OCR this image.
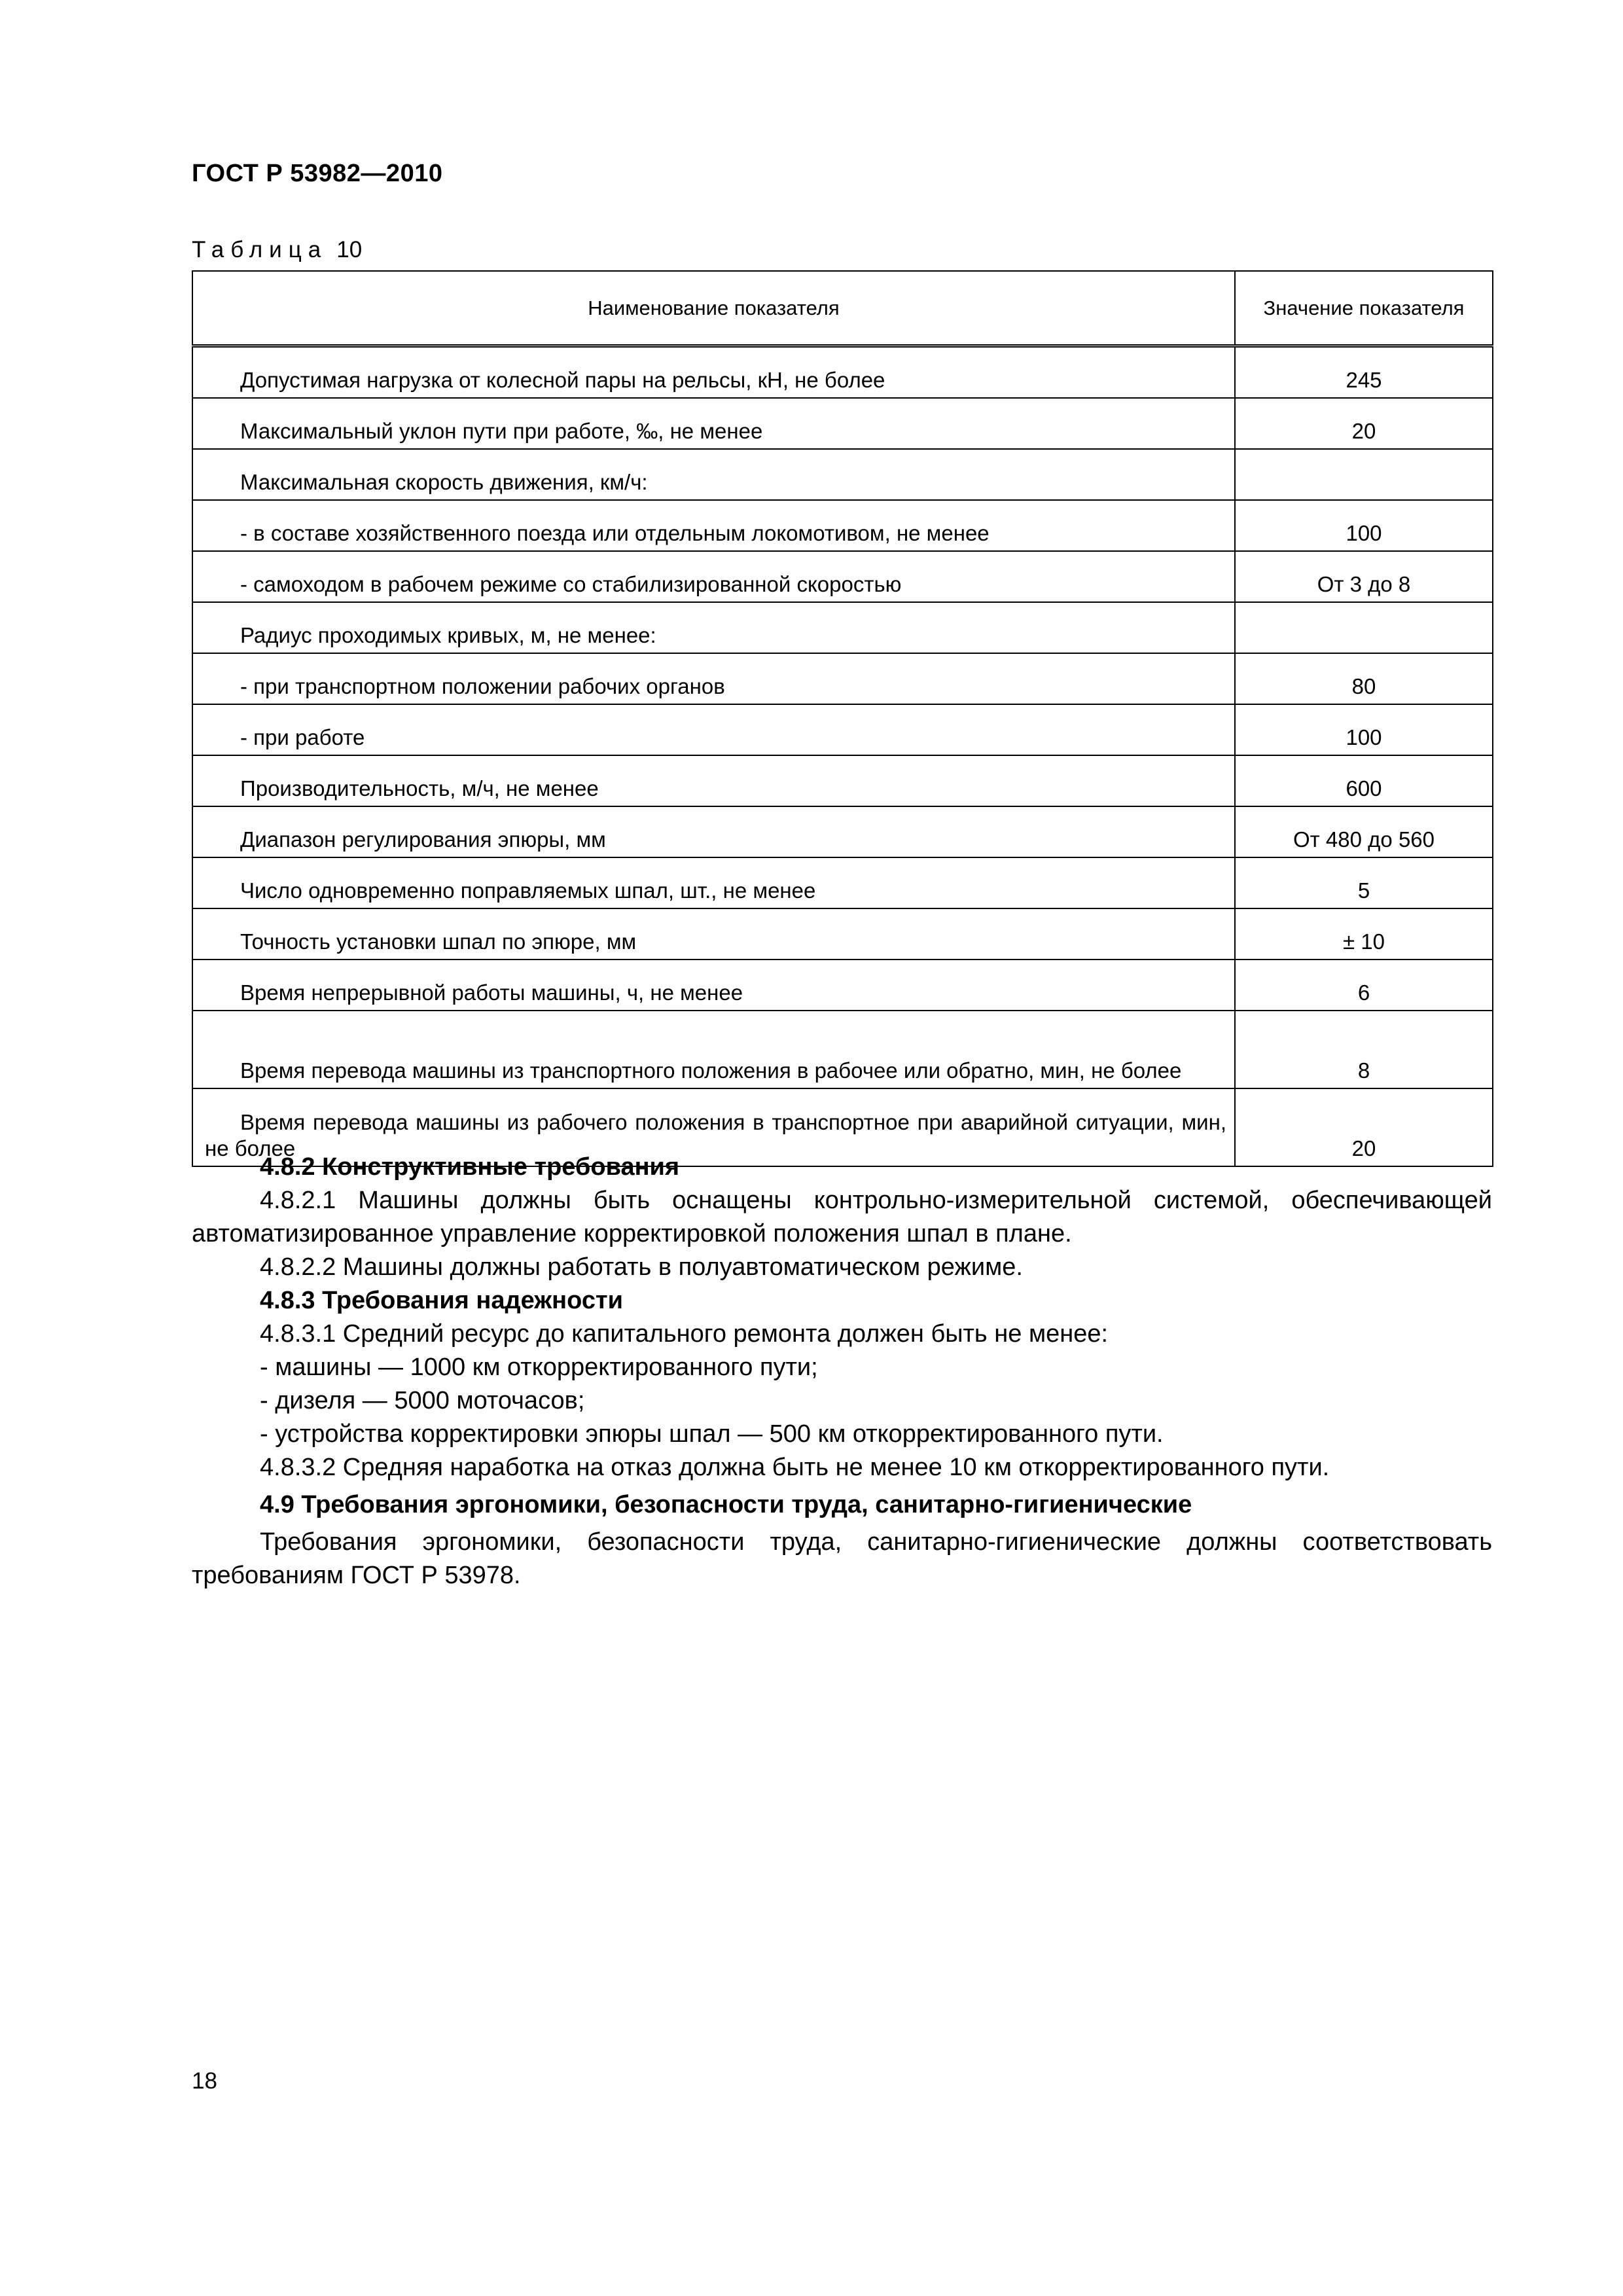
ГОСТ Р 53982—2010
Таблица 10
Наименование показателя	Значение показателя
Допустимая нагрузка от колесной пары на рельсы, кН, не более	245
Максимальный уклон пути при работе, ‰, не менее	20
Максимальная скорость движения, км/ч:	
- в составе хозяйственного поезда или отдельным локомотивом, не менее	100
- самоходом в рабочем режиме со стабилизированной скоростью	От 3 до 8
Радиус проходимых кривых, м, не менее:	
- при транспортном положении рабочих органов	80
- при работе	100
Производительность, м/ч, не менее	600
Диапазон регулирования эпюры, мм	От 480 до 560
Число одновременно поправляемых шпал, шт., не менее	5
Точность установки шпал по эпюре, мм	± 10
Время непрерывной работы машины, ч, не менее	6
Время перевода машины из транспортного положения в рабочее или обратно, мин, не более	8
Время перевода машины из рабочего положения в транспортное при аварийной ситуации, мин, не более	20

4.8.2 Конструктивные требования

4.8.2.1 Машины должны быть оснащены контрольно-измерительной системой, обеспечивающей автоматизированное управление корректировкой положения шпал в плане.

4.8.2.2 Машины должны работать в полуавтоматическом режиме.

4.8.3 Требования надежности

4.8.3.1 Средний ресурс до капитального ремонта должен быть не менее:

- машины — 1000 км откорректированного пути;

- дизеля — 5000 моточасов;

- устройства корректировки эпюры шпал — 500 км откорректированного пути.

4.8.3.2 Средняя наработка на отказ должна быть не менее 10 км откорректированного пути.

4.9 Требования эргономики, безопасности труда, санитарно-гигиенические

Требования эргономики, безопасности труда, санитарно-гигиенические должны соответствовать требованиям ГОСТ Р 53978.

18
